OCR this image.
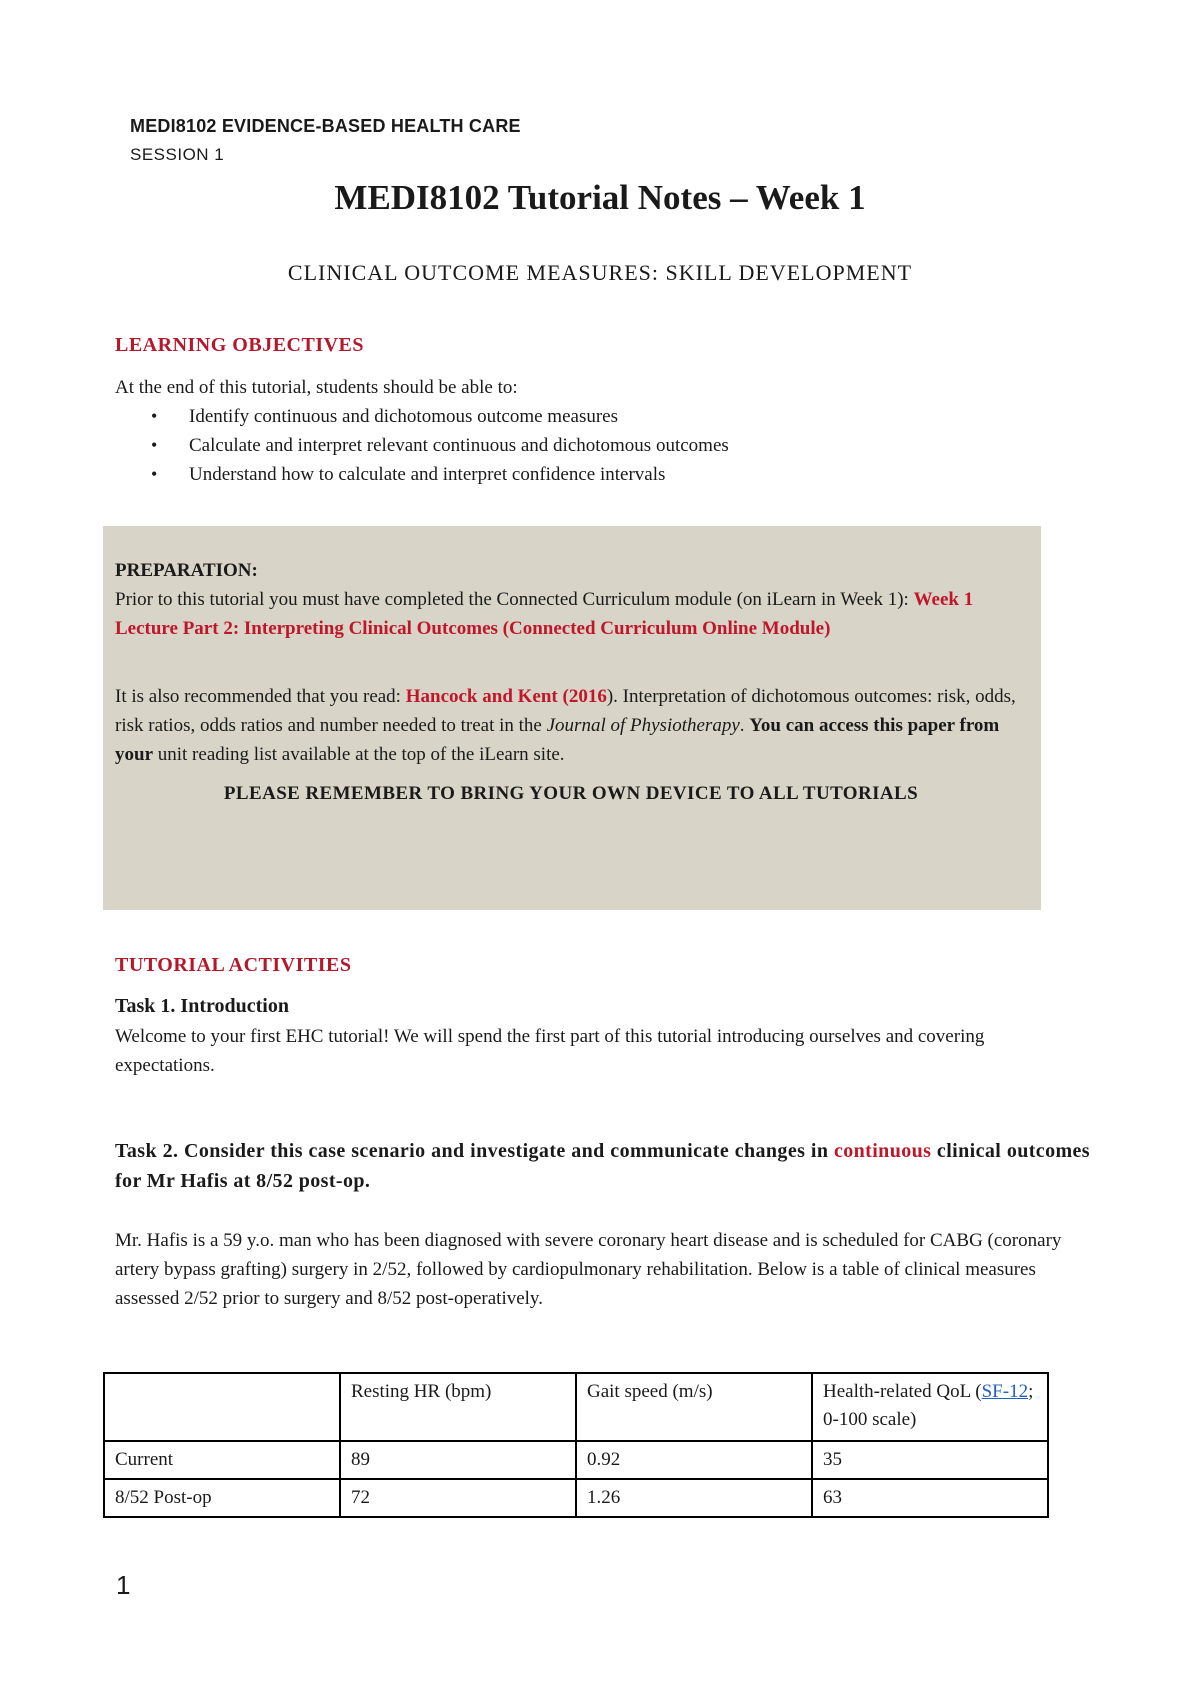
MEDI8102 EVIDENCE-BASED HEALTH CARE
SESSION 1
MEDI8102 Tutorial Notes – Week 1
CLINICAL OUTCOME MEASURES: SKILL DEVELOPMENT
LEARNING OBJECTIVES
At the end of this tutorial, students should be able to:
• Identify continuous and dichotomous outcome measures
• Calculate and interpret relevant continuous and dichotomous outcomes
• Understand how to calculate and interpret confidence intervals
PREPARATION:
Prior to this tutorial you must have completed the Connected Curriculum module (on iLearn in Week 1): Week 1 Lecture Part 2: Interpreting Clinical Outcomes (Connected Curriculum Online Module)
It is also recommended that you read: Hancock and Kent (2016). Interpretation of dichotomous outcomes: risk, odds, risk ratios, odds ratios and number needed to treat in the Journal of Physiotherapy. You can access this paper from your unit reading list available at the top of the iLearn site.
PLEASE REMEMBER TO BRING YOUR OWN DEVICE TO ALL TUTORIALS
TUTORIAL ACTIVITIES
Task 1. Introduction
Welcome to your first EHC tutorial! We will spend the first part of this tutorial introducing ourselves and covering expectations.
Task 2. Consider this case scenario and investigate and communicate changes in continuous clinical outcomes for Mr Hafis at 8/52 post-op.
Mr. Hafis is a 59 y.o. man who has been diagnosed with severe coronary heart disease and is scheduled for CABG (coronary artery bypass grafting) surgery in 2/52, followed by cardiopulmonary rehabilitation. Below is a table of clinical measures assessed 2/52 prior to surgery and 8/52 post-operatively.
	Resting HR (bpm)	Gait speed (m/s)	Health-related QoL (SF-12; 0-100 scale)
Current	89	0.92	35
8/52 Post-op	72	1.26	63
1
